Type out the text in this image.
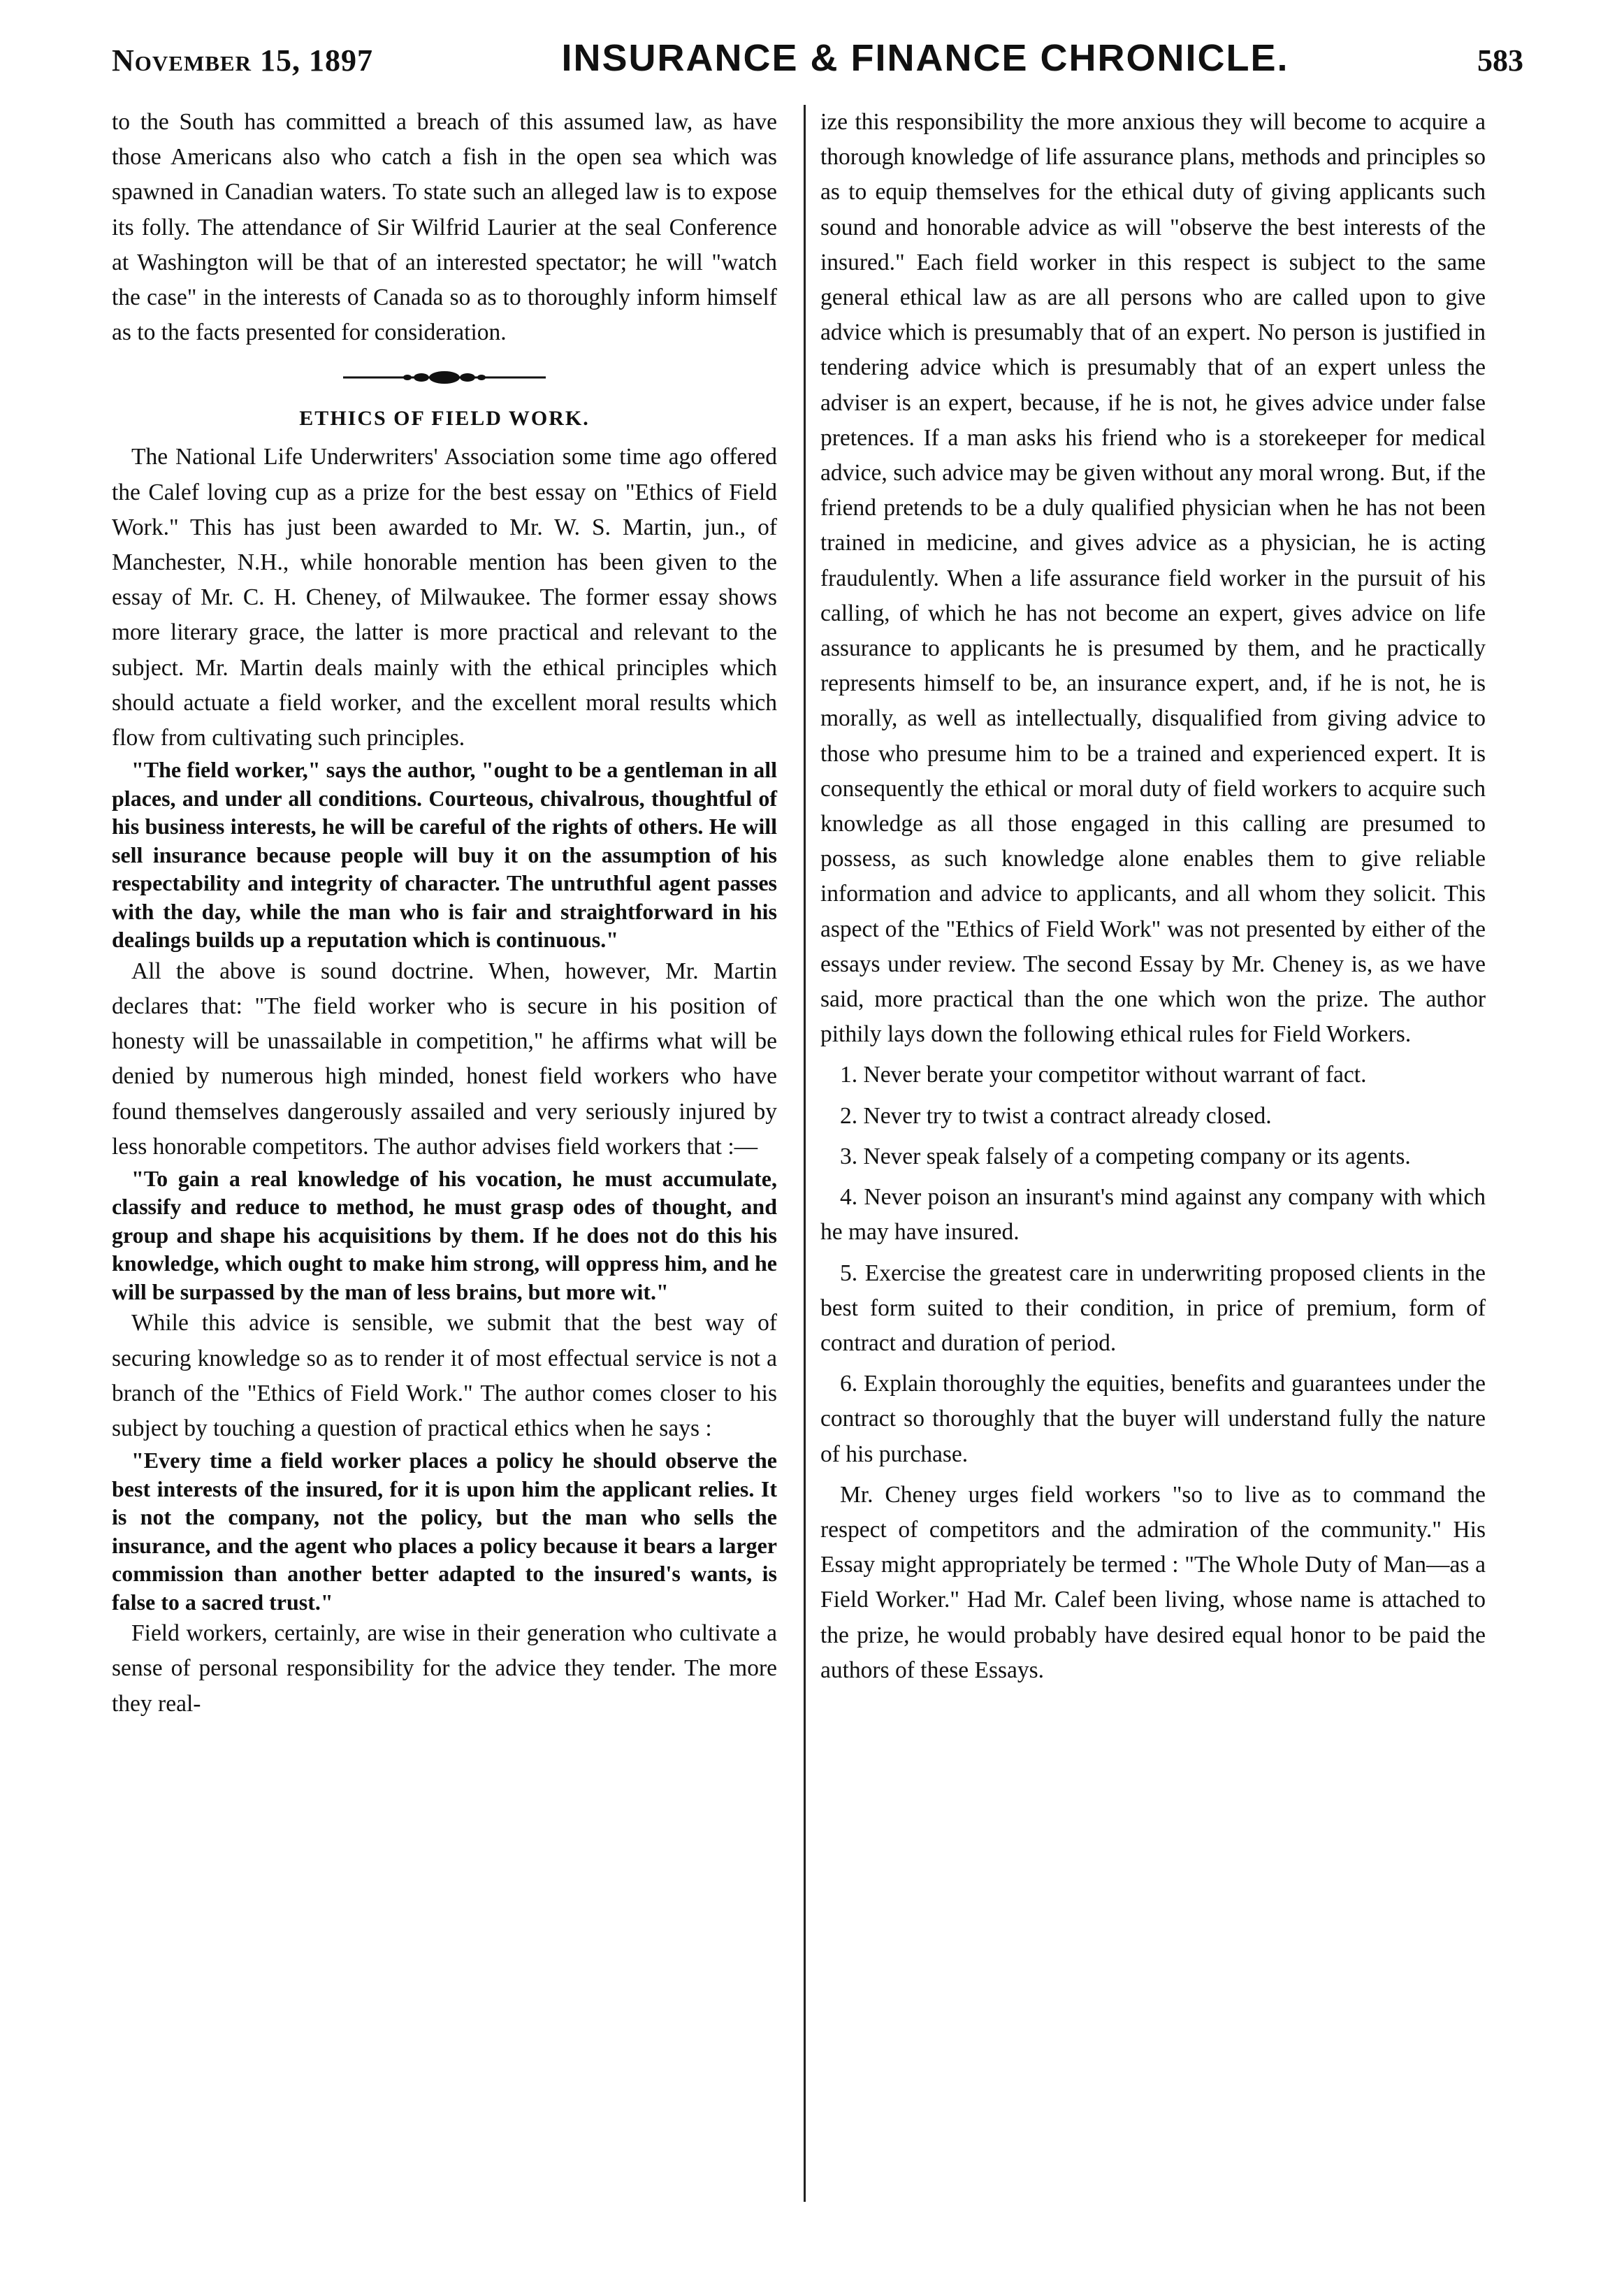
November 15, 1897	INSURANCE & FINANCE CHRONICLE.	583

to the South has committed a breach of this assumed law, as have those Americans also who catch a fish in the open sea which was spawned in Canadian waters. To state such an alleged law is to expose its folly. The attendance of Sir Wilfrid Laurier at the seal Conference at Washington will be that of an interested spectator; he will "watch the case" in the interests of Canada so as to thoroughly inform himself as to the facts presented for consideration.

ETHICS OF FIELD WORK.

The National Life Underwriters' Association some time ago offered the Calef loving cup as a prize for the best essay on "Ethics of Field Work." This has just been awarded to Mr. W. S. Martin, jun., of Manchester, N.H., while honorable mention has been given to the essay of Mr. C. H. Cheney, of Milwaukee. The former essay shows more literary grace, the latter is more practical and relevant to the subject. Mr. Martin deals mainly with the ethical principles which should actuate a field worker, and the excellent moral results which flow from cultivating such principles.

"The field worker," says the author, "ought to be a gentleman in all places, and under all conditions. Courteous, chivalrous, thoughtful of his business interests, he will be careful of the rights of others. He will sell insurance because people will buy it on the assumption of his respectability and integrity of character. The untruthful agent passes with the day, while the man who is fair and straightforward in his dealings builds up a reputation which is continuous."

All the above is sound doctrine. When, however, Mr. Martin declares that: "The field worker who is secure in his position of honesty will be unassailable in competition," he affirms what will be denied by numerous high minded, honest field workers who have found themselves dangerously assailed and very seriously injured by less honorable competitors. The author advises field workers that :—

"To gain a real knowledge of his vocation, he must accumulate, classify and reduce to method, he must grasp odes of thought, and group and shape his acquisitions by them. If he does not do this his knowledge, which ought to make him strong, will oppress him, and he will be surpassed by the man of less brains, but more wit."

While this advice is sensible, we submit that the best way of securing knowledge so as to render it of most effectual service is not a branch of the "Ethics of Field Work." The author comes closer to his subject by touching a question of practical ethics when he says :

"Every time a field worker places a policy he should observe the best interests of the insured, for it is upon him the applicant relies. It is not the company, not the policy, but the man who sells the insurance, and the agent who places a policy because it bears a larger commission than another better adapted to the insured's wants, is false to a sacred trust."

Field workers, certainly, are wise in their generation who cultivate a sense of personal responsibility for the advice they tender. The more they real-

ize this responsibility the more anxious they will become to acquire a thorough knowledge of life assurance plans, methods and principles so as to equip themselves for the ethical duty of giving applicants such sound and honorable advice as will "observe the best interests of the insured." Each field worker in this respect is subject to the same general ethical law as are all persons who are called upon to give advice which is presumably that of an expert. No person is justified in tendering advice which is presumably that of an expert unless the adviser is an expert, because, if he is not, he gives advice under false pretences. If a man asks his friend who is a storekeeper for medical advice, such advice may be given without any moral wrong. But, if the friend pretends to be a duly qualified physician when he has not been trained in medicine, and gives advice as a physician, he is acting fraudulently. When a life assurance field worker in the pursuit of his calling, of which he has not become an expert, gives advice on life assurance to applicants he is presumed by them, and he practically represents himself to be, an insurance expert, and, if he is not, he is morally, as well as intellectually, disqualified from giving advice to those who presume him to be a trained and experienced expert. It is consequently the ethical or moral duty of field workers to acquire such knowledge as all those engaged in this calling are presumed to possess, as such knowledge alone enables them to give reliable information and advice to applicants, and all whom they solicit. This aspect of the "Ethics of Field Work" was not presented by either of the essays under review. The second Essay by Mr. Cheney is, as we have said, more practical than the one which won the prize. The author pithily lays down the following ethical rules for Field Workers.

1. Never berate your competitor without warrant of fact.

2. Never try to twist a contract already closed.

3. Never speak falsely of a competing company or its agents.

4. Never poison an insurant's mind against any company with which he may have insured.

5. Exercise the greatest care in underwriting proposed clients in the best form suited to their condition, in price of premium, form of contract and duration of period.

6. Explain thoroughly the equities, benefits and guarantees under the contract so thoroughly that the buyer will understand fully the nature of his purchase.

Mr. Cheney urges field workers "so to live as to command the respect of competitors and the admiration of the community." His Essay might appropriately be termed : "The Whole Duty of Man—as a Field Worker." Had Mr. Calef been living, whose name is attached to the prize, he would probably have desired equal honor to be paid the authors of these Essays.
